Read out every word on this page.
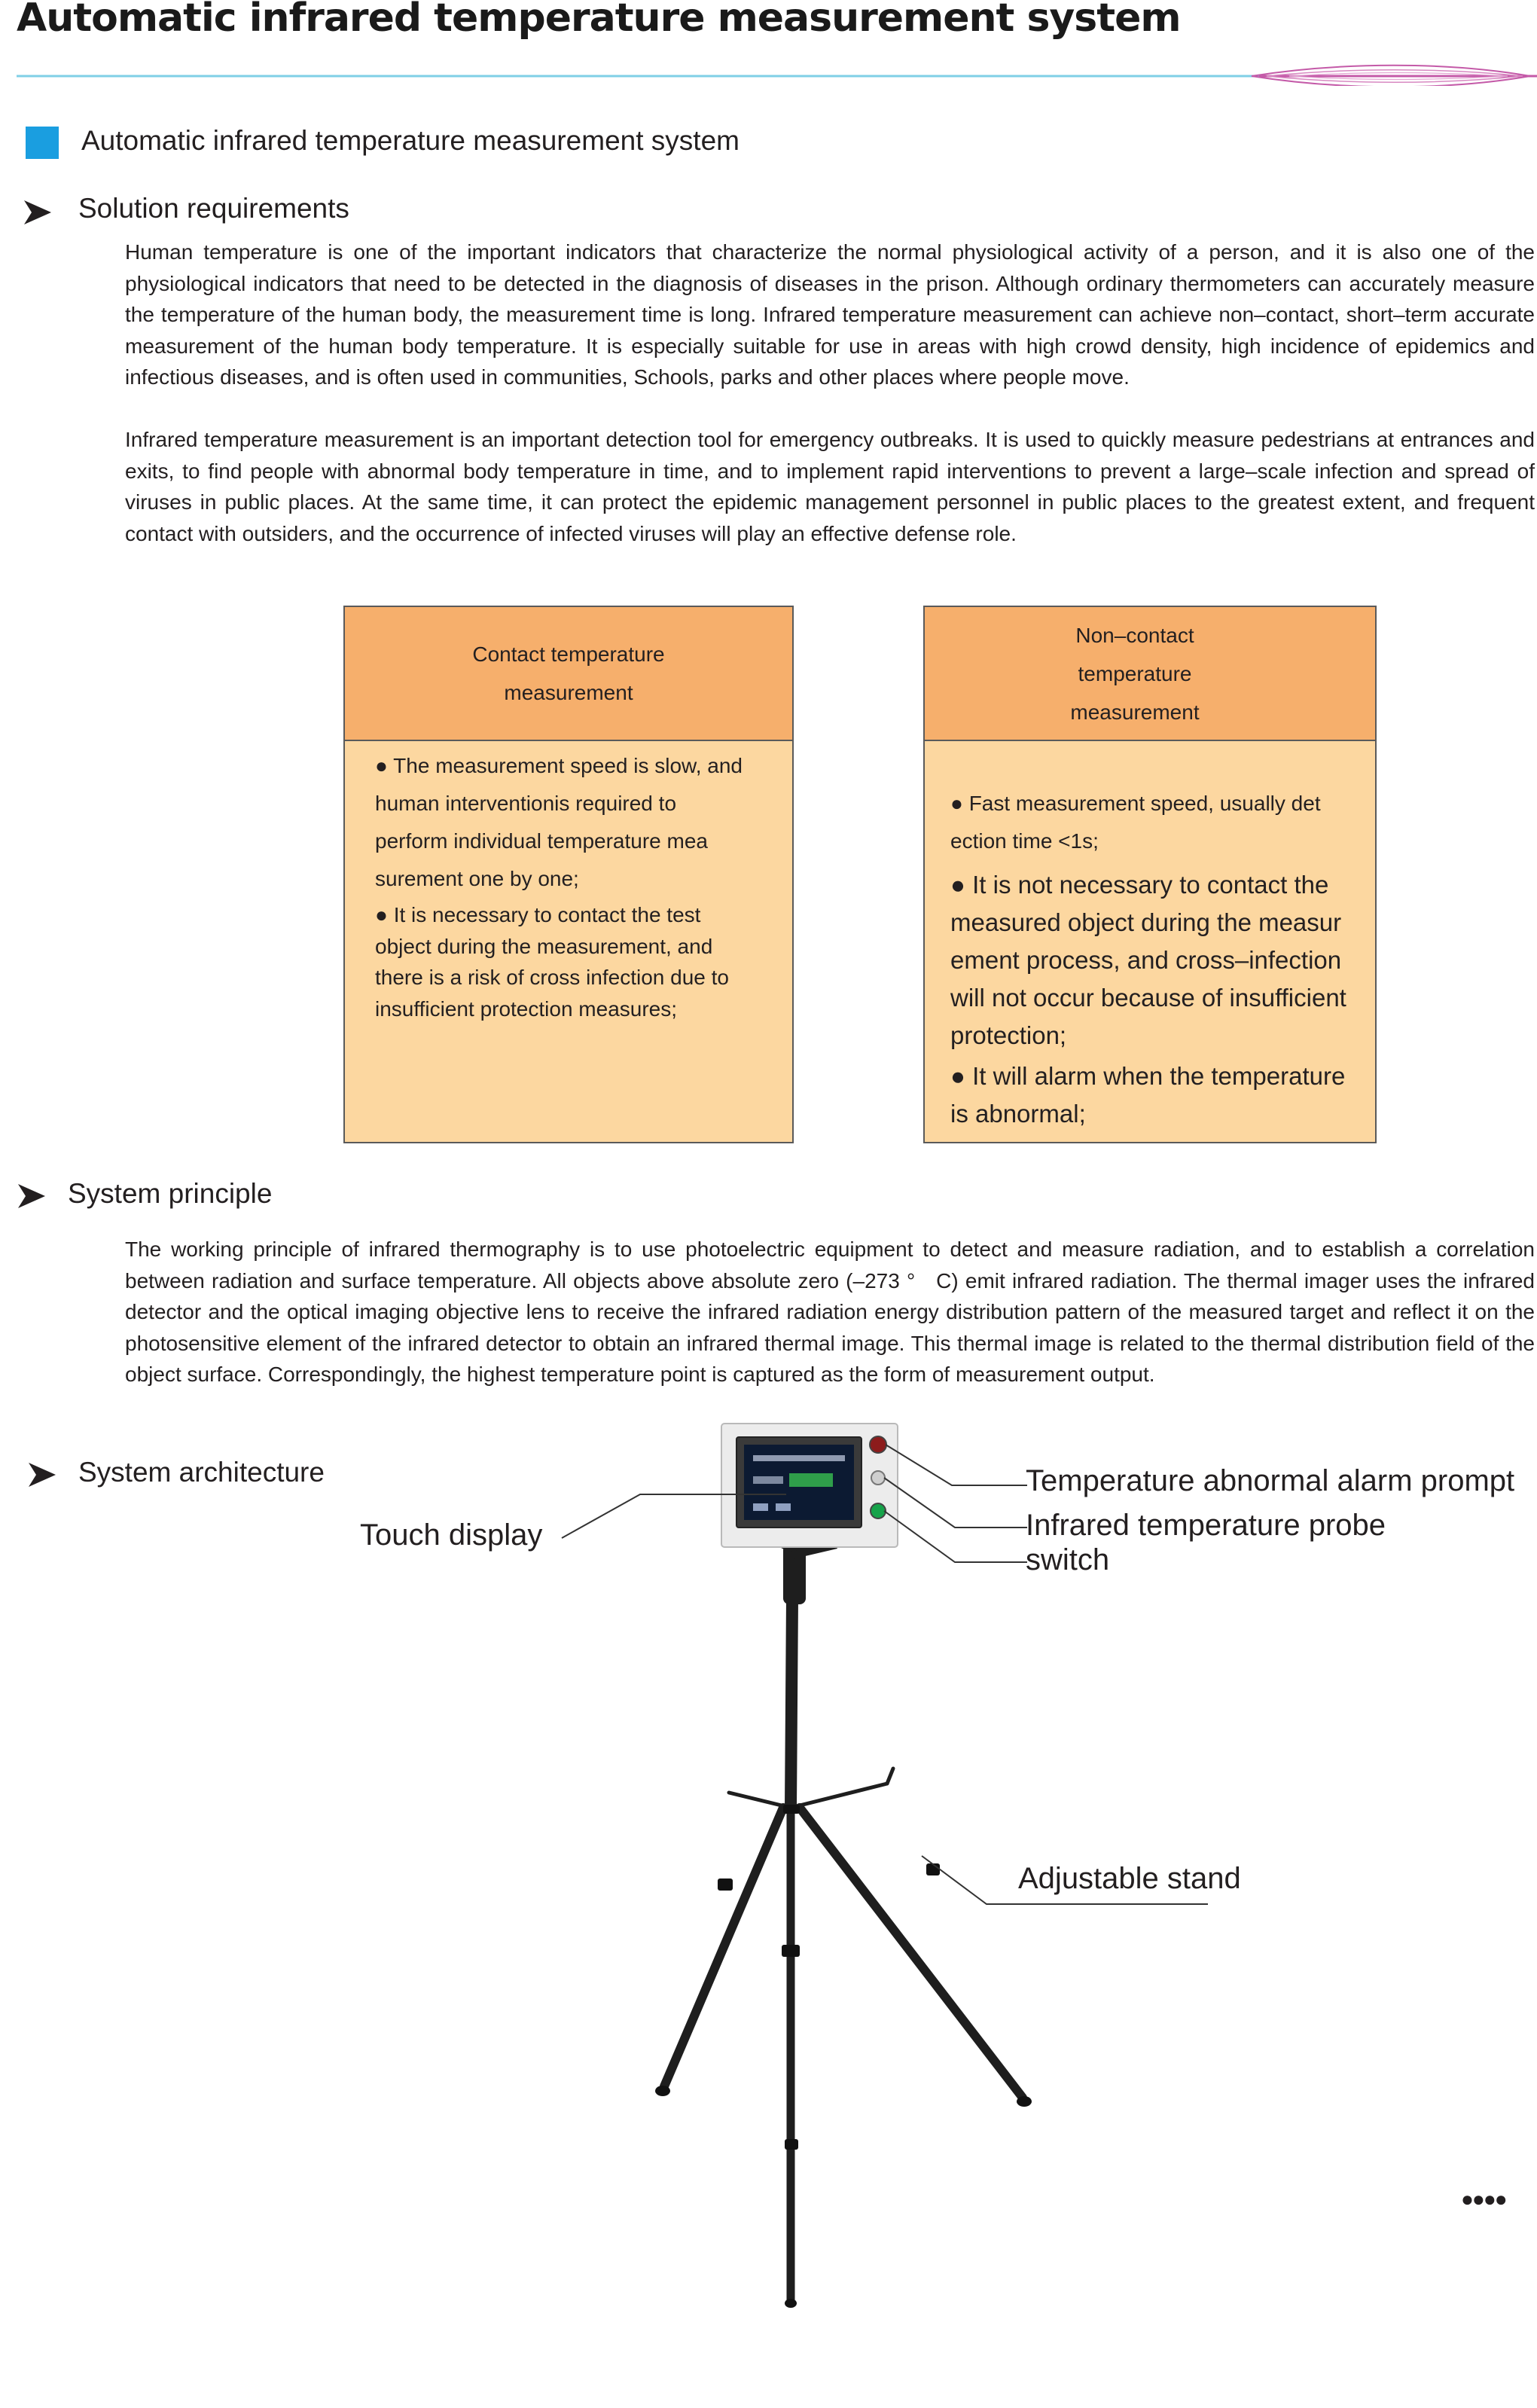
Automatic infrared temperature measurement system
Automatic infrared temperature measurement system
Solution requirements
Human temperature is one of the important indicators that characterize the normal physiological activity of a person, and it is also one of the physiological indicators that need to be detected in the diagnosis of diseases in the prison. Although ordinary thermometers can accurately measure the temperature of the human body, the measurement time is long. Infrared temperature measurement can achieve non–contact, short–term accurate measurement of the human body temperature. It is especially suitable for use in areas with high crowd density, high incidence of epidemics and infectious diseases, and is often used in communities, Schools, parks and other places where people move.
Infrared temperature measurement is an important detection tool for emergency outbreaks. It is used to quickly measure pedestrians at entrances and exits, to find people with abnormal body temperature in time, and to implement rapid interventions to prevent a large–scale infection and spread of viruses in public places. At the same time, it can protect the epidemic management personnel in public places to the greatest extent, and frequent contact with outsiders, and the occurrence of infected viruses will play an effective defense role.
Contact temperature
measurement
● The measurement speed is slow, and human interventionis required to perform individual temperature mea surement one by one;
● It is necessary to contact the test object during the measurement, and there is a risk of cross infection due to insufficient protection measures;
Non–contact temperature
measurement
● Fast measurement speed, usually det ection time <1s;
● It is not necessary to contact the measured object during the measur ement process, and cross–infection will not occur because of insufficient protection;
● It will alarm when the temperature is abnormal;
System principle
The working principle of infrared thermography is to use photoelectric equipment to detect and measure radiation, and to establish a correlation between radiation and surface temperature. All objects above absolute zero (–273 ° C) emit infrared radiation. The thermal imager uses the infrared detector and the optical imaging objective lens to receive the infrared radiation energy distribution pattern of the measured target and reflect it on the photosensitive element of the infrared detector to obtain an infrared thermal image. This thermal image is related to the thermal distribution field of the object surface. Correspondingly, the highest temperature point is captured as the form of measurement output.
System architecture
Touch display
Temperature abnormal alarm prompt
Infrared temperature probe
switch
Adjustable stand
●●●●
